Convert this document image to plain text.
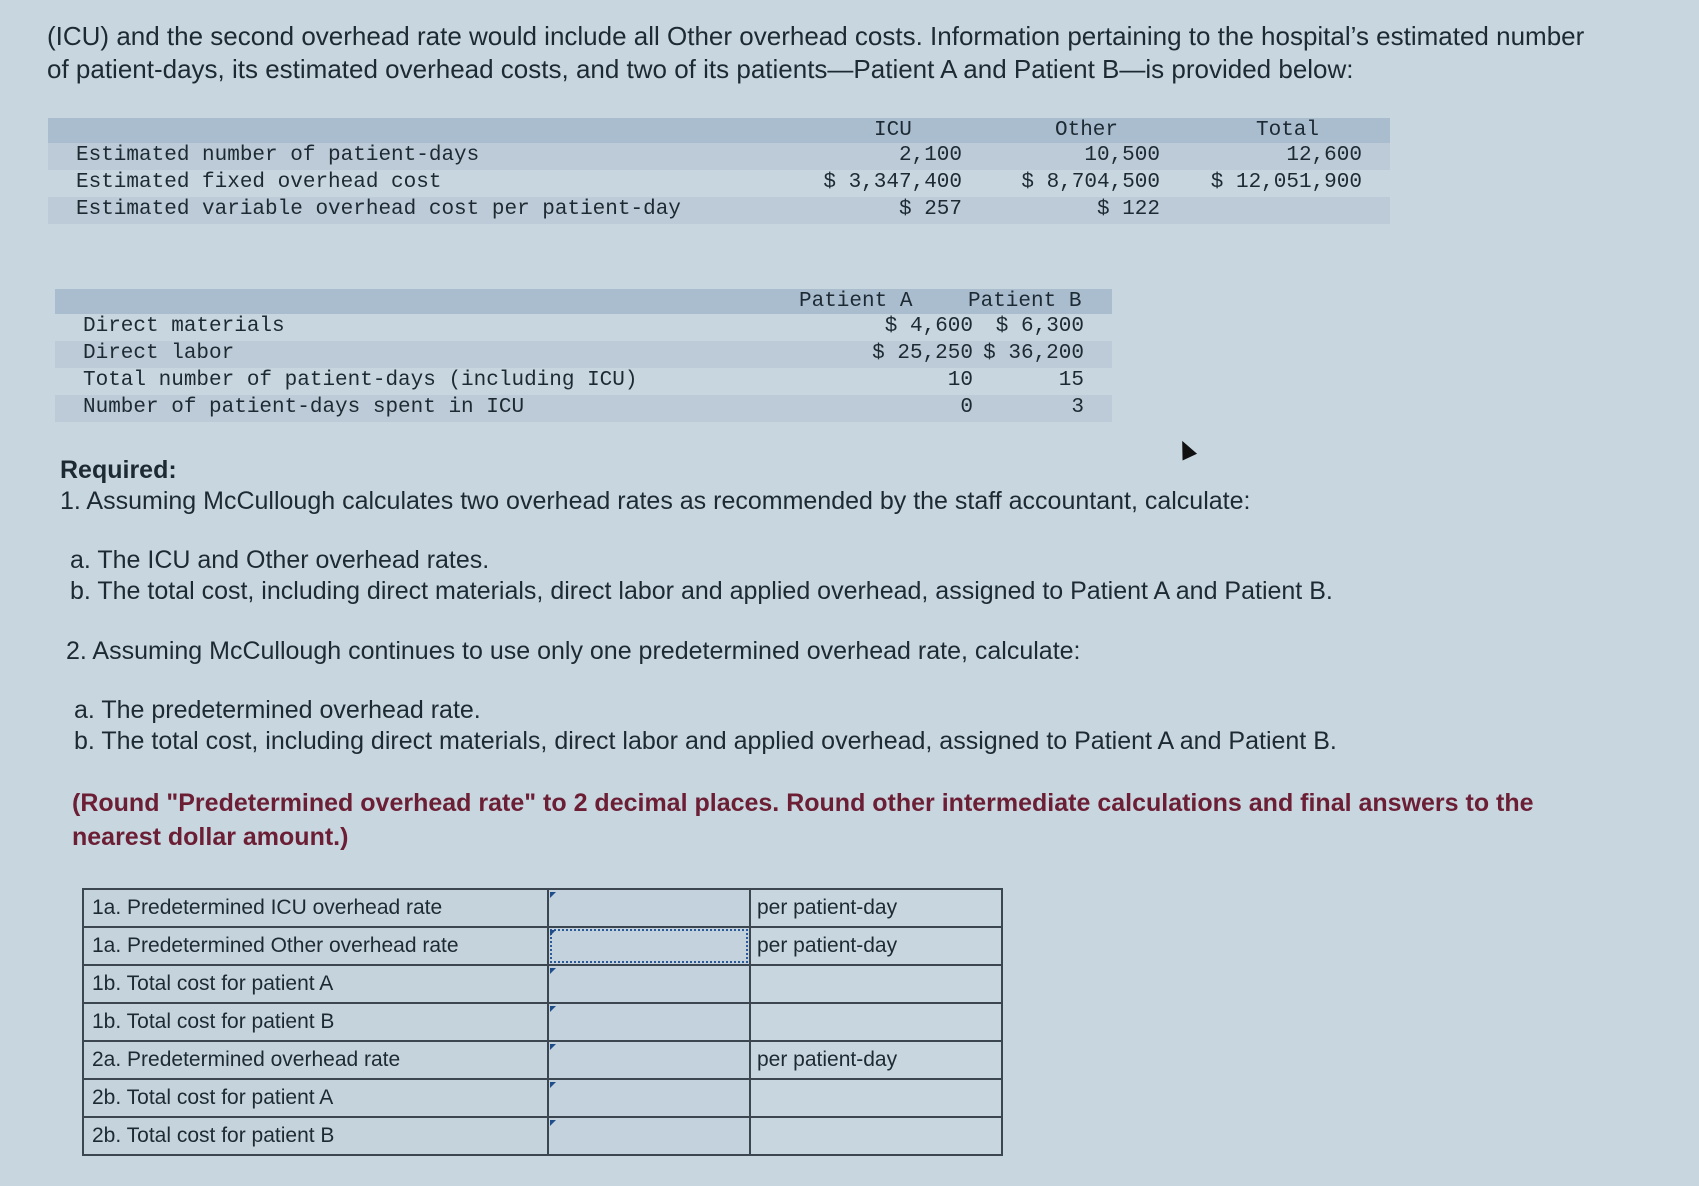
(ICU) and the second overhead rate would include all Other overhead costs. Information pertaining to the hospital’s estimated number
of patient-days, its estimated overhead costs, and two of its patients—Patient A and Patient B—is provided below:
ICU	Other	Total
Estimated number of patient-days	2,100	10,500	12,600
Estimated fixed overhead cost	$ 3,347,400	$ 8,704,500 $ 12,051,900
Estimated variable overhead cost per patient-day	$ 257	$ 122
Patient A	Patient B
Direct materials	$ 4,600 $ 6,300
Direct labor	$ 25,250 $ 36,200
Total number of patient-days (including ICU)	10	15
Number of patient-days spent in ICU	0	3
Required:
1. Assuming McCullough calculates two overhead rates as recommended by the staff accountant, calculate:
a. The ICU and Other overhead rates.
b. The total cost, including direct materials, direct labor and applied overhead, assigned to Patient A and Patient B.
2. Assuming McCullough continues to use only one predetermined overhead rate, calculate:
a. The predetermined overhead rate.
b. The total cost, including direct materials, direct labor and applied overhead, assigned to Patient A and Patient B.
(Round "Predetermined overhead rate" to 2 decimal places. Round other intermediate calculations and final answers to the nearest dollar amount.)
1a. Predetermined ICU overhead rate		per patient-day
1a. Predetermined Other overhead rate		per patient-day
1b. Total cost for patient A	

1b. Total cost for patient B	

2a. Predetermined overhead rate		per patient-day
2b. Total cost for patient A	

2b. Total cost for patient B	
